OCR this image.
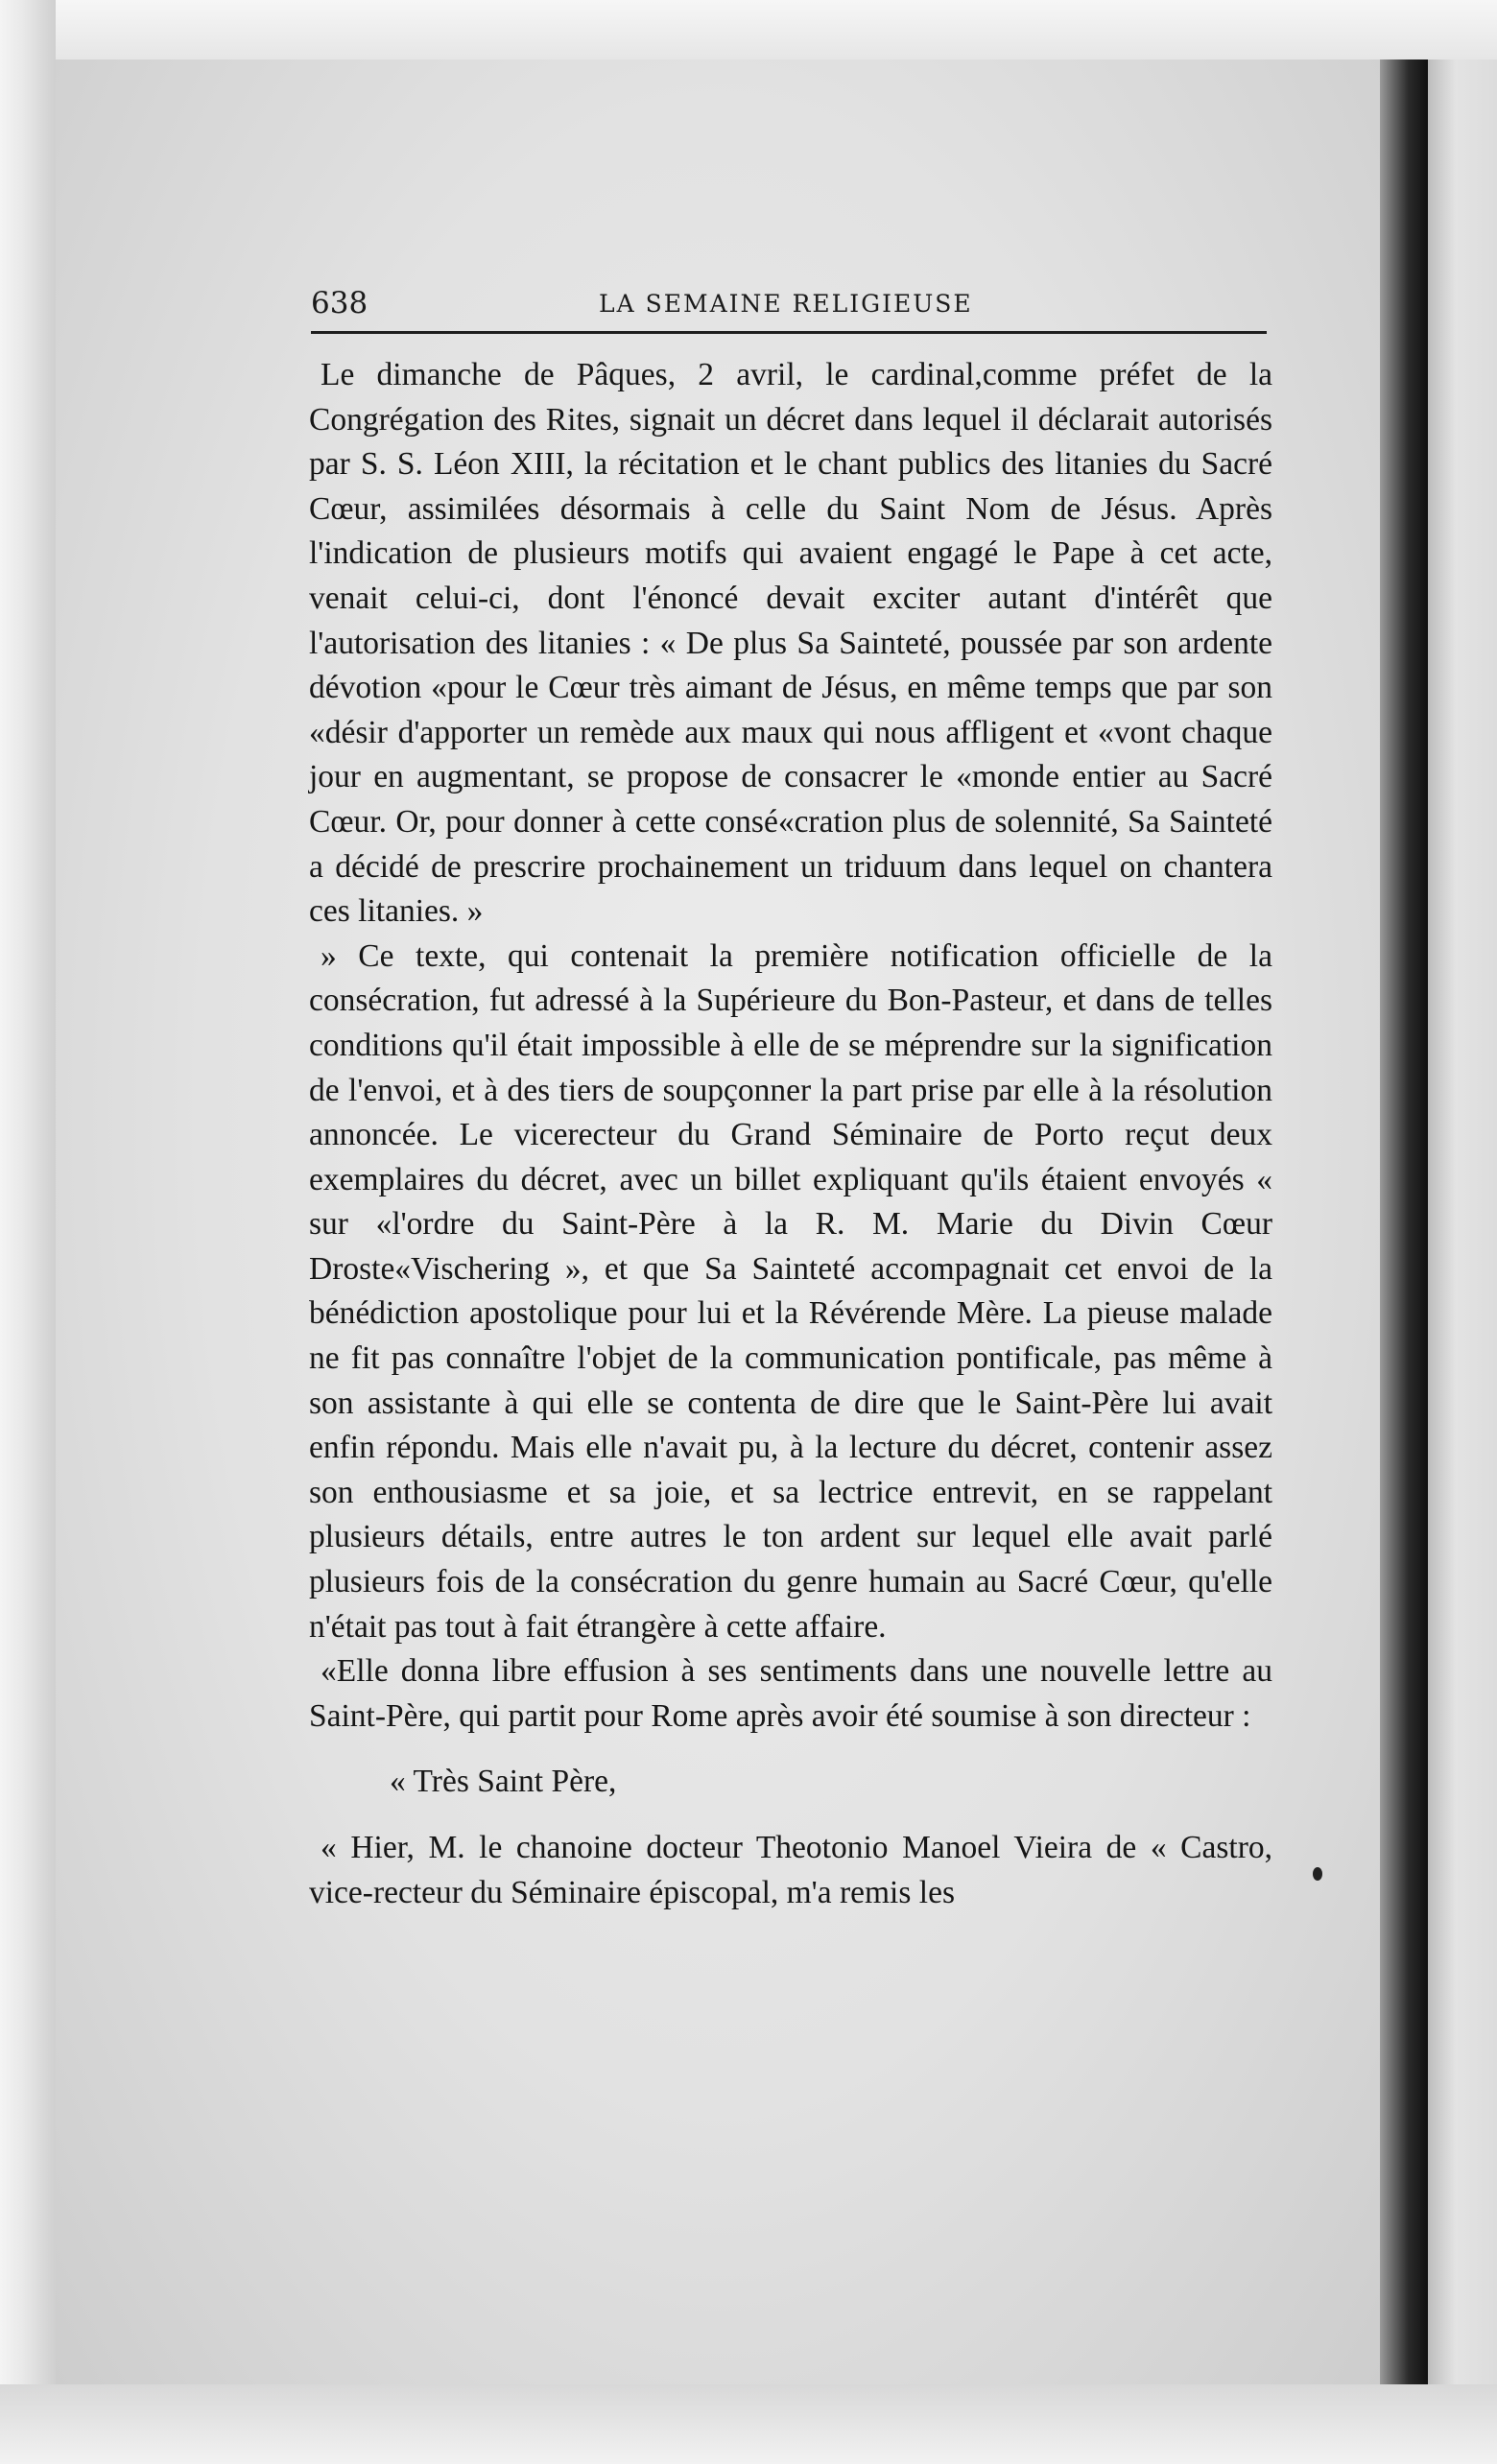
638	LA SEMAINE RELIGIEUSE

Le dimanche de Pâques, 2 avril, le cardinal,comme préfet de la Congrégation des Rites, signait un décret dans lequel il déclarait autorisés par S. S. Léon XIII, la récitation et le chant publics des litanies du Sacré Cœur, assimilées désormais à celle du Saint Nom de Jésus. Après l'indication de plusieurs motifs qui avaient engagé le Pape à cet acte, venait celui-ci, dont l'énoncé devait exciter autant d'intérêt que l'autorisation des litanies : « De plus Sa Sainteté, poussée par son ardente dévotion «pour le Cœur très aimant de Jésus, en même temps que par son «désir d'apporter un remède aux maux qui nous affligent et «vont chaque jour en augmentant, se propose de consacrer le «monde entier au Sacré Cœur. Or, pour donner à cette consé«cration plus de solennité, Sa Sainteté a décidé de prescrire prochainement un triduum dans lequel on chantera ces litanies. »

» Ce texte, qui contenait la première notification officielle de la consécration, fut adressé à la Supérieure du Bon-Pasteur, et dans de telles conditions qu'il était impossible à elle de se méprendre sur la signification de l'envoi, et à des tiers de soupçonner la part prise par elle à la résolution annoncée. Le vicerecteur du Grand Séminaire de Porto reçut deux exemplaires du décret, avec un billet expliquant qu'ils étaient envoyés « sur «l'ordre du Saint-Père à la R. M. Marie du Divin Cœur Droste«Vischering », et que Sa Sainteté accompagnait cet envoi de la bénédiction apostolique pour lui et la Révérende Mère. La pieuse malade ne fit pas connaître l'objet de la communication pontificale, pas même à son assistante à qui elle se contenta de dire que le Saint-Père lui avait enfin répondu. Mais elle n'avait pu, à la lecture du décret, contenir assez son enthousiasme et sa joie, et sa lectrice entrevit, en se rappelant plusieurs détails, entre autres le ton ardent sur lequel elle avait parlé plusieurs fois de la consécration du genre humain au Sacré Cœur, qu'elle n'était pas tout à fait étrangère à cette affaire.

«Elle donna libre effusion à ses sentiments dans une nouvelle lettre au Saint-Père, qui partit pour Rome après avoir été soumise à son directeur :

« Très Saint Père,

« Hier, M. le chanoine docteur Theotonio Manoel Vieira de « Castro, vice-recteur du Séminaire épiscopal, m'a remis les
